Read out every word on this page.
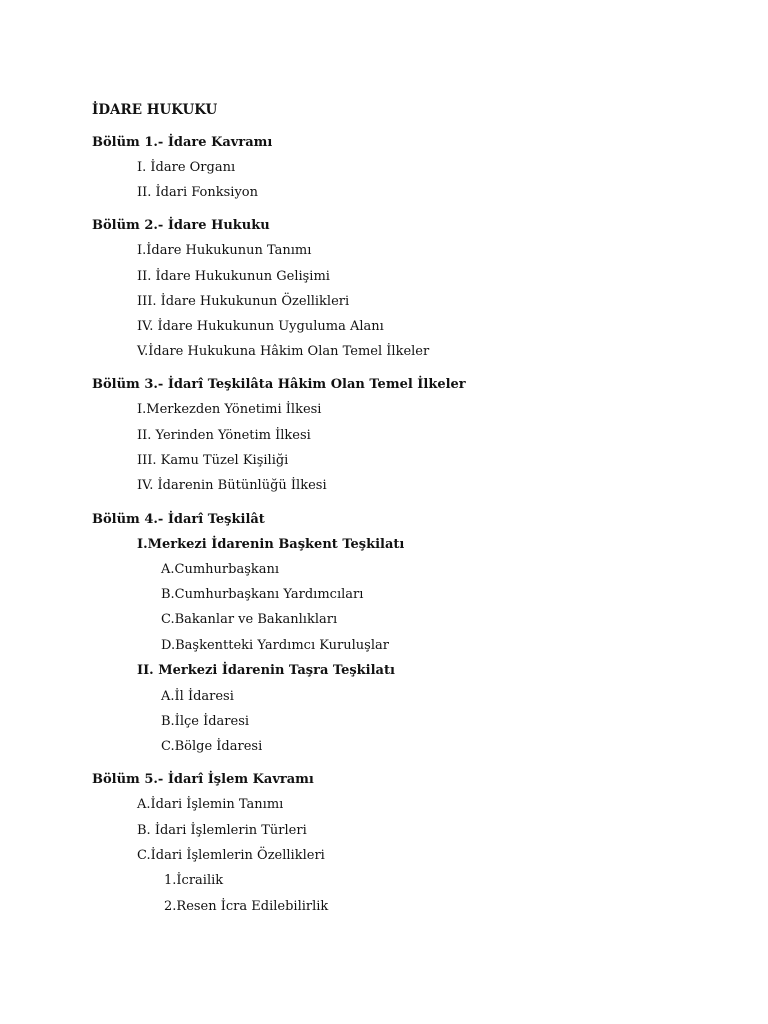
İDARE HUKUKU
Bölüm 1.- İdare Kavramı
I. İdare Organı
II. İdari Fonksiyon
Bölüm 2.- İdare Hukuku
I.İdare Hukukunun Tanımı
II. İdare Hukukunun Gelişimi
III. İdare Hukukunun Özellikleri
IV. İdare Hukukunun Uyguluma Alanı
V.İdare Hukukuna Hâkim Olan Temel İlkeler
Bölüm 3.- İdarî Teşkilâta Hâkim Olan Temel İlkeler
I.Merkezden Yönetimi İlkesi
II. Yerinden Yönetim İlkesi
III. Kamu Tüzel Kişiliği
IV. İdarenin Bütünlüğü İlkesi
Bölüm 4.- İdarî Teşkilât
I.Merkezi İdarenin Başkent Teşkilatı
A.Cumhurbaşkanı
B.Cumhurbaşkanı Yardımcıları
C.Bakanlar ve Bakanlıkları
D.Başkentteki Yardımcı Kuruluşlar
II. Merkezi İdarenin Taşra Teşkilatı
A.İl İdaresi
B.İlçe İdaresi
C.Bölge İdaresi
Bölüm 5.- İdarî İşlem Kavramı
A.İdari İşlemin Tanımı
B. İdari İşlemlerin Türleri
C.İdari İşlemlerin Özellikleri
1.İcrailik
2.Resen İcra Edilebilirlik
